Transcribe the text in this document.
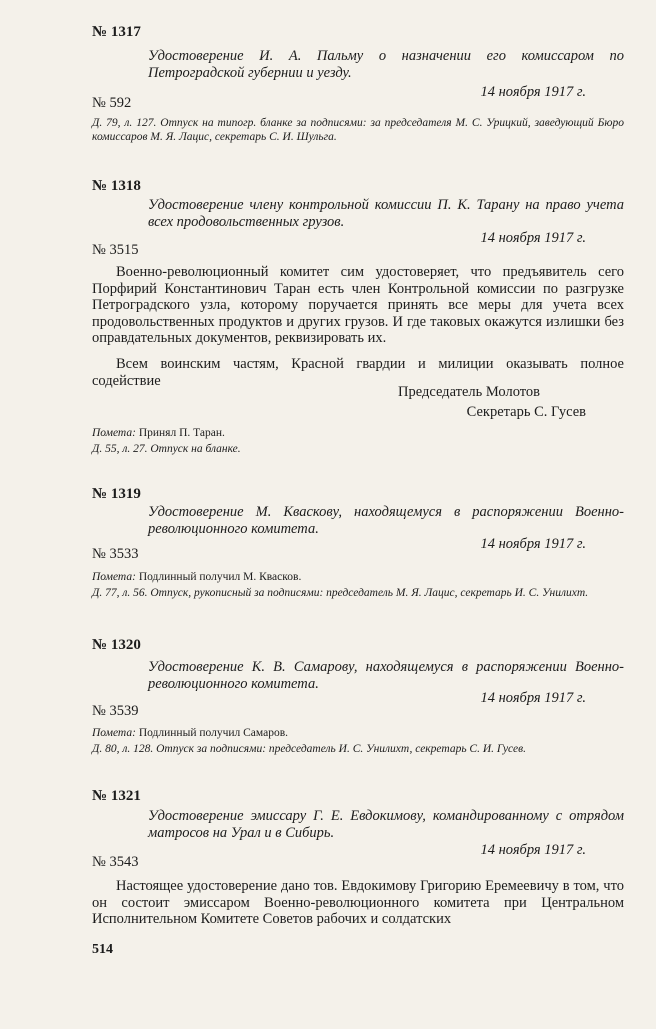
№ 1317
Удостоверение И. А. Пальму о назначении его комиссаром по Петроградской губернии и уезду.
14 ноября 1917 г.
№ 592
Д. 79, л. 127. Отпуск на типогр. бланке за подписями: за председателя М. С. Урицкий, заведующий Бюро комиссаров М. Я. Лацис, секретарь С. И. Шульга.
№ 1318
Удостоверение члену контрольной комиссии П. К. Тарану на право учета всех продовольственных грузов.
14 ноября 1917 г.
№ 3515

Военно-революционный комитет сим удостоверяет, что предъявитель сего Порфирий Константинович Таран есть член Контрольной комиссии по разгрузке Петроградского узла, которому поручается принять все меры для учета всех продовольственных продуктов и других грузов. И где таковых окажутся излишки без оправдательных документов, реквизировать их.

Всем воинским частям, Красной гвардии и милиции оказывать полное содействие

Председатель Молотов
Секретарь С. Гусев
Помета: Принял П. Таран.
Д. 55, л. 27. Отпуск на бланке.
№ 1319
Удостоверение М. Кваскову, находящемуся в распоряжении Военно-революционного комитета.
14 ноября 1917 г.
№ 3533
Помета: Подлинный получил М. Квасков.
Д. 77, л. 56. Отпуск, рукописный за подписями: председатель М. Я. Лацис, секретарь И. С. Унилихт.
№ 1320
Удостоверение К. В. Самарову, находящемуся в распоряжении Военно-революционного комитета.
14 ноября 1917 г.
№ 3539
Помета: Подлинный получил Самаров.
Д. 80, л. 128. Отпуск за подписями: председатель И. С. Унилихт, секретарь С. И. Гусев.
№ 1321
Удостоверение эмиссару Г. Е. Евдокимову, командированному с отрядом матросов на Урал и в Сибирь.
14 ноября 1917 г.
№ 3543

Настоящее удостоверение дано тов. Евдокимову Григорию Еремеевичу в том, что он состоит эмиссаром Военно-революционного комитета при Центральном Исполнительном Комитете Советов рабочих и солдатских

514
